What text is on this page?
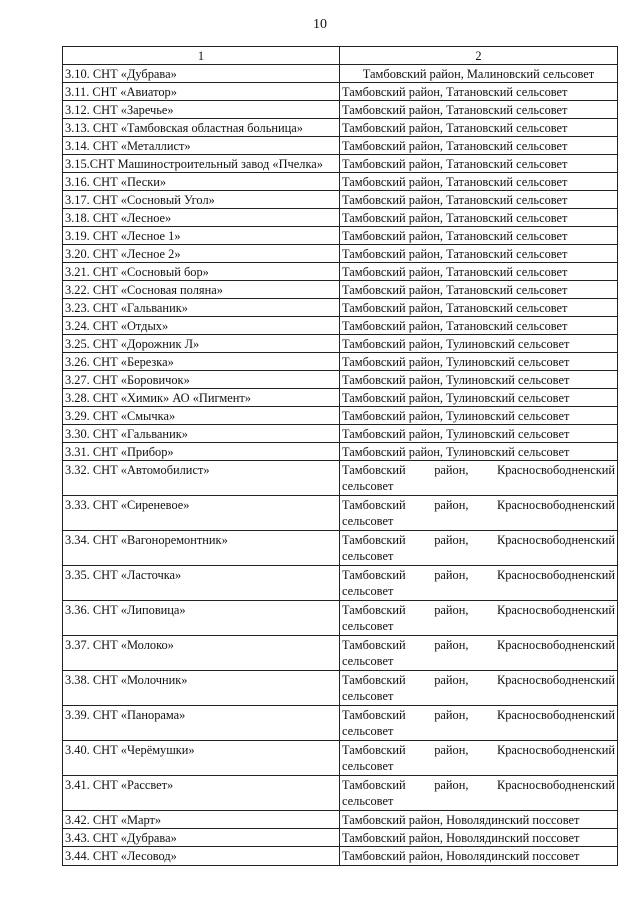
10
1	2
3.10. СНТ «Дубрава»	Тамбовский район, Малиновский сельсовет
3.11. СНТ «Авиатор»	Тамбовский район, Татановский сельсовет
3.12. СНТ «Заречье»	Тамбовский район, Татановский сельсовет
3.13. СНТ «Тамбовская областная больница»	Тамбовский район, Татановский сельсовет
3.14. СНТ «Металлист»	Тамбовский район, Татановский сельсовет
3.15.СНТ Машиностроительный завод «Пчелка»	Тамбовский район, Татановский сельсовет
3.16. СНТ «Пески»	Тамбовский район, Татановский сельсовет
3.17. СНТ «Сосновый Угол»	Тамбовский район, Татановский сельсовет
3.18. СНТ «Лесное»	Тамбовский район, Татановский сельсовет
3.19. СНТ «Лесное 1»	Тамбовский район, Татановский сельсовет
3.20. СНТ «Лесное 2»	Тамбовский район, Татановский сельсовет
3.21. СНТ «Сосновый бор»	Тамбовский район, Татановский сельсовет
3.22. СНТ «Сосновая поляна»	Тамбовский район, Татановский сельсовет
3.23. СНТ «Гальваник»	Тамбовский район, Татановский сельсовет
3.24. СНТ «Отдых»	Тамбовский район, Татановский сельсовет
3.25. СНТ «Дорожник Л»	Тамбовский район, Тулиновский сельсовет
3.26. СНТ «Березка»	Тамбовский район, Тулиновский сельсовет
3.27. СНТ «Боровичок»	Тамбовский район, Тулиновский сельсовет
3.28. СНТ «Химик» АО «Пигмент»	Тамбовский район, Тулиновский сельсовет
3.29. СНТ «Смычка»	Тамбовский район, Тулиновский сельсовет
3.30. СНТ «Гальваник»	Тамбовский район, Тулиновский сельсовет
3.31. СНТ «Прибор»	Тамбовский район, Тулиновский сельсовет
3.32. СНТ «Автомобилист»	Тамбовский район, Красносвободненский
сельсовет

3.33. СНТ «Сиреневое»	Тамбовский район, Красносвободненский
сельсовет

3.34. СНТ «Вагоноремонтник»	Тамбовский район, Красносвободненский
сельсовет

3.35. СНТ «Ласточка»	Тамбовский район, Красносвободненский
сельсовет

3.36. СНТ «Липовица»	Тамбовский район, Красносвободненский
сельсовет

3.37. СНТ «Молоко»	Тамбовский район, Красносвободненский
сельсовет

3.38. СНТ «Молочник»	Тамбовский район, Красносвободненский
сельсовет

3.39. СНТ «Панорама»	Тамбовский район, Красносвободненский
сельсовет

3.40. СНТ «Черёмушки»	Тамбовский район, Красносвободненский
сельсовет

3.41. СНТ «Рассвет»	Тамбовский район, Красносвободненский
сельсовет

3.42. СНТ «Март»	Тамбовский район, Новолядинский поссовет
3.43. СНТ «Дубрава»	Тамбовский район, Новолядинский поссовет
3.44. СНТ «Лесовод»	Тамбовский район, Новолядинский поссовет
